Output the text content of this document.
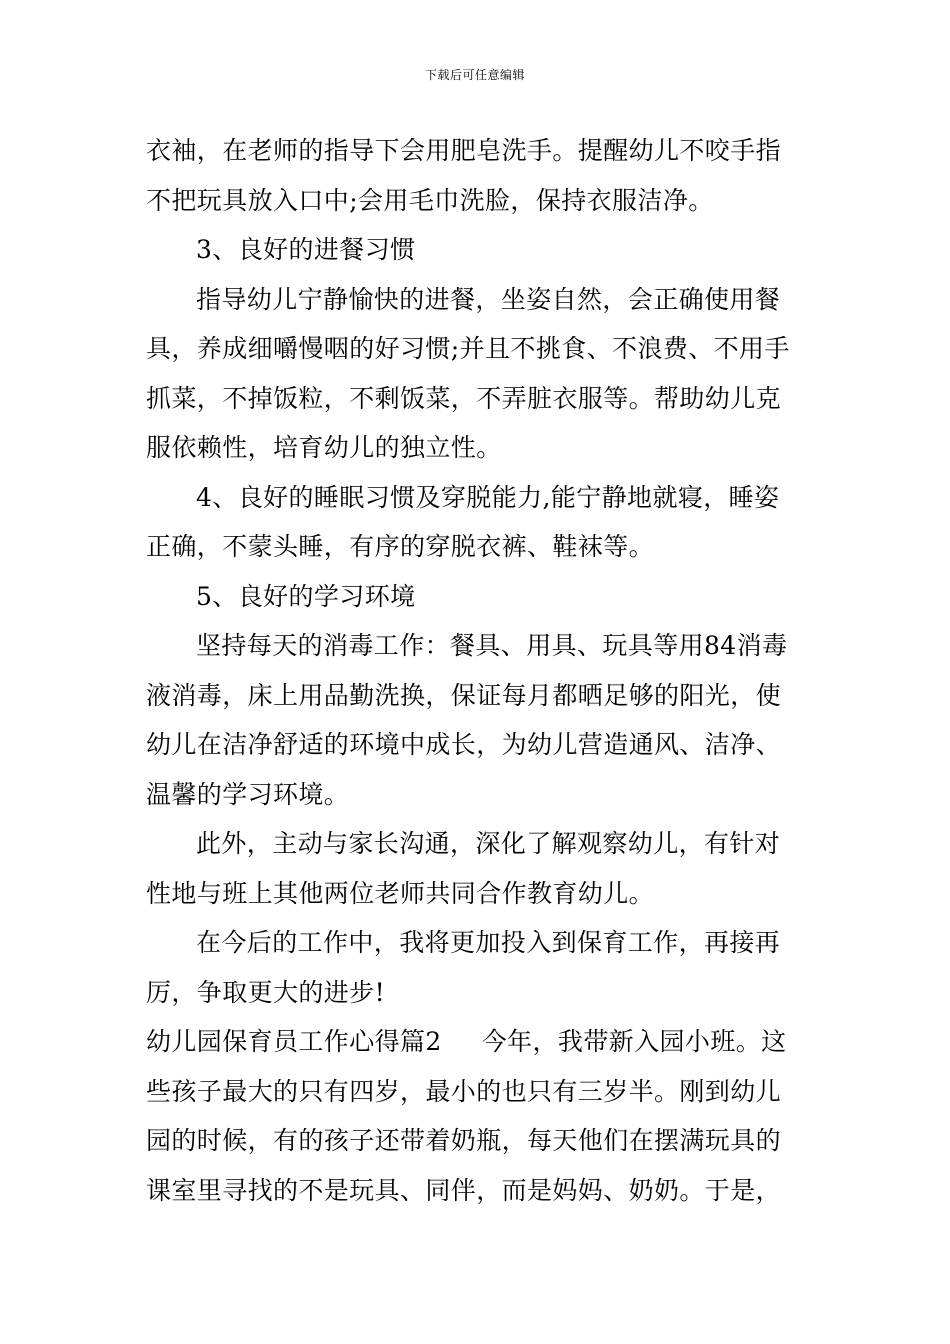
下载后可任意编辑
衣袖，在老师的指导下会用肥皂洗手。提醒幼儿不咬手指
不把玩具放入口中;会用毛巾洗脸，保持衣服洁净。
3、良好的进餐习惯
指导幼儿宁静愉快的进餐，坐姿自然，会正确使用餐
具，养成细嚼慢咽的好习惯;并且不挑食、不浪费、不用手
抓菜，不掉饭粒，不剩饭菜，不弄脏衣服等。帮助幼儿克
服依赖性，培育幼儿的独立性。
4、良好的睡眠习惯及穿脱能力,能宁静地就寝，睡姿
正确，不蒙头睡，有序的穿脱衣裤、鞋袜等。
5、良好的学习环境
坚持每天的消毒工作：餐具、用具、玩具等用84消毒
液消毒，床上用品勤洗换，保证每月都晒足够的阳光，使
幼儿在洁净舒适的环境中成长，为幼儿营造通风、洁净、
温馨的学习环境。
此外，主动与家长沟通，深化了解观察幼儿，有针对
性地与班上其他两位老师共同合作教育幼儿。
在今后的工作中，我将更加投入到保育工作，再接再
厉，争取更大的进步!
幼儿园保育员工作心得篇2 今年，我带新入园小班。这
些孩子最大的只有四岁，最小的也只有三岁半。刚到幼儿
园的时候，有的孩子还带着奶瓶，每天他们在摆满玩具的
课室里寻找的不是玩具、同伴，而是妈妈、奶奶。于是，
